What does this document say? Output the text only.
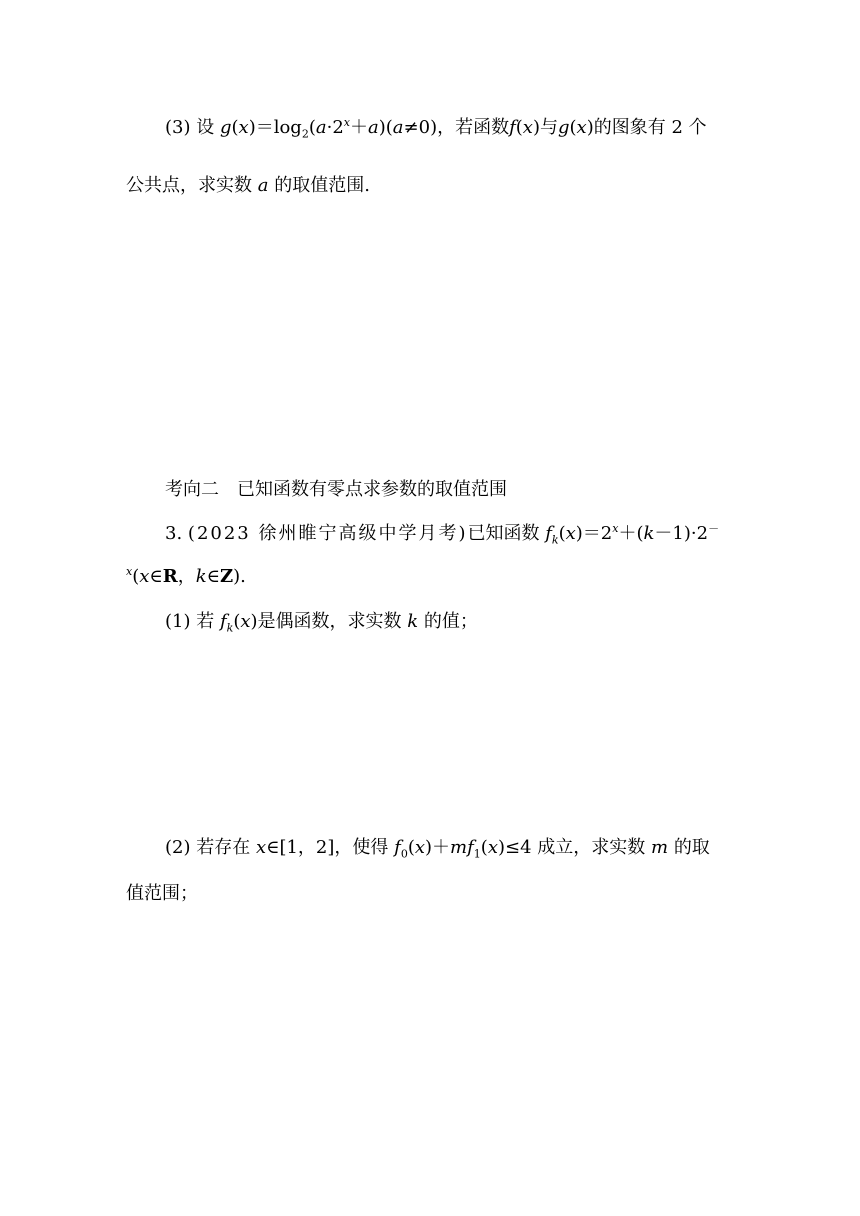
(3) 设 $g(x)=\log_2(a\cdot 2^x+a)(a\ne 0)$，若函数f(x)与g(x)的图象有 2 个
公共点，求实数 a 的取值范围.
考向二　已知函数有零点求参数的取值范围
3. (2023 徐州睢宁高级中学月考)已知函数 $f_k(x)=2^x+(k-1)\cdot 2^-$
$^x$(x∈R，k∈Z).
(1) 若 $f_k(x)$是偶函数，求实数 k 的值；
(2) 若存在 x∈[1，2]，使得 $f_0(x)+mf_1(x)\le 4$ 成立，求实数 m 的取
值范围；
